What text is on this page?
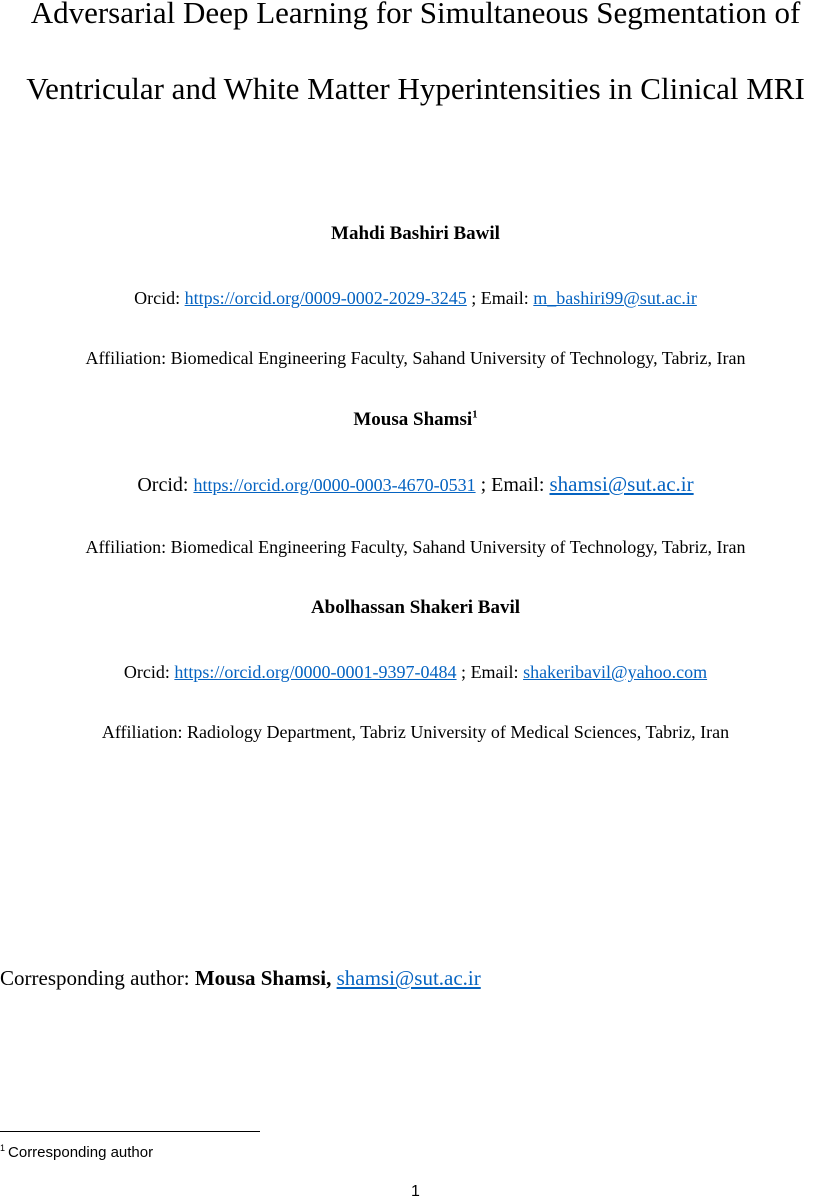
Adversarial Deep Learning for Simultaneous Segmentation of
Ventricular and White Matter Hyperintensities in Clinical MRI
Mahdi Bashiri Bawil
Orcid: https://orcid.org/0009-0002-2029-3245 ; Email: m_bashiri99@sut.ac.ir
Affiliation: Biomedical Engineering Faculty, Sahand University of Technology, Tabriz, Iran
Mousa Shamsi$^1$
Orcid: https://orcid.org/0000-0003-4670-0531 ; Email: shamsi@sut.ac.ir
Affiliation: Biomedical Engineering Faculty, Sahand University of Technology, Tabriz, Iran
Abolhassan Shakeri Bavil
Orcid: https://orcid.org/0000-0001-9397-0484 ; Email: shakeribavil@yahoo.com
Affiliation: Radiology Department, Tabriz University of Medical Sciences, Tabriz, Iran
Corresponding author: Mousa Shamsi, shamsi@sut.ac.ir
$^1$ Corresponding author
1
